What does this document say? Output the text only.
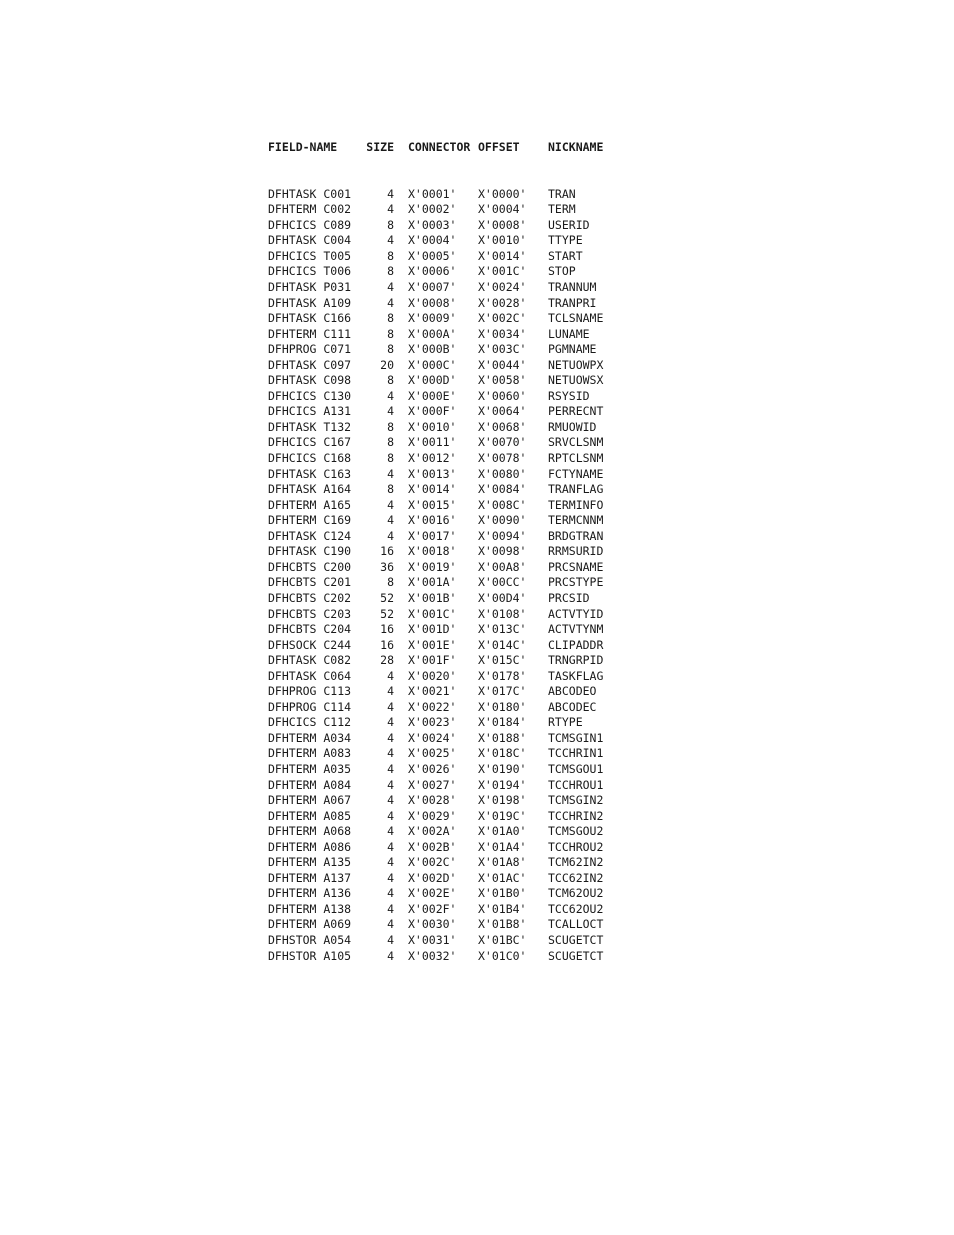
FIELD-NAME	SIZE CONNECTOR OFFSET	NICKNAME

DFHTASK C001	4 X'0001'	X'0000'	TRAN
DFHTERM C002	4 X'0002'	X'0004'	TERM
DFHCICS C089	8 X'0003'	X'0008'	USERID
DFHTASK C004	4 X'0004'	X'0010'	TTYPE
DFHCICS T005	8 X'0005'	X'0014'	START
DFHCICS T006	8 X'0006'	X'001C'	STOP
DFHTASK P031	4 X'0007'	X'0024'	TRANNUM
DFHTASK A109	4 X'0008'	X'0028'	TRANPRI
DFHTASK C166	8 X'0009'	X'002C'	TCLSNAME
DFHTERM C111	8 X'000A'	X'0034'	LUNAME
DFHPROG C071	8 X'000B'	X'003C'	PGMNAME
DFHTASK C097	20 X'000C'	X'0044'	NETUOWPX
DFHTASK C098	8 X'000D'	X'0058'	NETUOWSX
DFHCICS C130	4 X'000E'	X'0060'	RSYSID
DFHCICS A131	4 X'000F'	X'0064'	PERRECNT
DFHTASK T132	8 X'0010'	X'0068'	RMUOWID
DFHCICS C167	8 X'0011'	X'0070'	SRVCLSNM
DFHCICS C168	8 X'0012'	X'0078'	RPTCLSNM
DFHTASK C163	4 X'0013'	X'0080'	FCTYNAME
DFHTASK A164	8 X'0014'	X'0084'	TRANFLAG
DFHTERM A165	4 X'0015'	X'008C'	TERMINFO
DFHTERM C169	4 X'0016'	X'0090'	TERMCNNM
DFHTASK C124	4 X'0017'	X'0094'	BRDGTRAN
DFHTASK C190	16 X'0018'	X'0098'	RRMSURID
DFHCBTS C200	36 X'0019'	X'00A8'	PRCSNAME
DFHCBTS C201	8 X'001A'	X'00CC'	PRCSTYPE
DFHCBTS C202	52 X'001B'	X'00D4'	PRCSID
DFHCBTS C203	52 X'001C'	X'0108'	ACTVTYID
DFHCBTS C204	16 X'001D'	X'013C'	ACTVTYNM
DFHSOCK C244	16 X'001E'	X'014C'	CLIPADDR
DFHTASK C082	28 X'001F'	X'015C'	TRNGRPID
DFHTASK C064	4 X'0020'	X'0178'	TASKFLAG
DFHPROG C113	4 X'0021'	X'017C'	ABCODEO
DFHPROG C114	4 X'0022'	X'0180'	ABCODEC
DFHCICS C112	4 X'0023'	X'0184'	RTYPE
DFHTERM A034	4 X'0024'	X'0188'	TCMSGIN1
DFHTERM A083	4 X'0025'	X'018C'	TCCHRIN1
DFHTERM A035	4 X'0026'	X'0190'	TCMSGOU1
DFHTERM A084	4 X'0027'	X'0194'	TCCHROU1
DFHTERM A067	4 X'0028'	X'0198'	TCMSGIN2
DFHTERM A085	4 X'0029'	X'019C'	TCCHRIN2
DFHTERM A068	4 X'002A'	X'01A0'	TCMSGOU2
DFHTERM A086	4 X'002B'	X'01A4'	TCCHROU2
DFHTERM A135	4 X'002C'	X'01A8'	TCM62IN2
DFHTERM A137	4 X'002D'	X'01AC'	TCC62IN2
DFHTERM A136	4 X'002E'	X'01B0'	TCM62OU2
DFHTERM A138	4 X'002F'	X'01B4'	TCC62OU2
DFHTERM A069	4 X'0030'	X'01B8'	TCALLOCT
DFHSTOR A054	4 X'0031'	X'01BC'	SCUGETCT
DFHSTOR A105	4 X'0032'	X'01C0'	SCUGETCT
